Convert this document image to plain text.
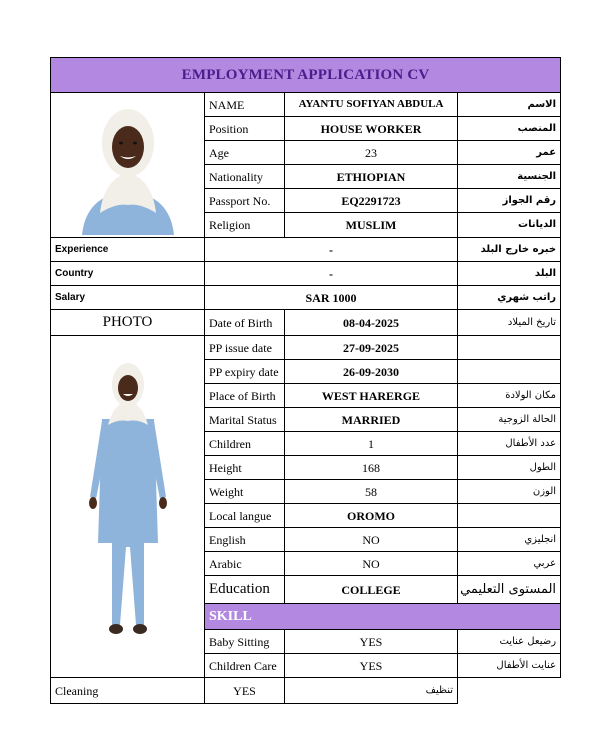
EMPLOYMENT APPLICATION CV			

	NAME	AYANTU SOFIYAN ABDULA	الاسم
	Position	HOUSE WORKER	المنصب
	Age	23	عمر
	Nationality	ETHIOPIAN	الجنسية
	Passport No.	EQ2291723	رقم الجواز
	Religion	MUSLIM	الديانات
Experience	-		خبره خارج البلد
Country	-		البلد
Salary	SAR 1000		راتب شهري
PHOTO	Date of Birth	08-04-2025	تاريخ الميلاد

	PP issue date	27-09-2025	
	PP expiry date	26-09-2030	
	Place of Birth	WEST HARERGE	مكان الولادة
	Marital Status	MARRIED	الحالة الزوجية
	Children	1	عدد الأطفال
	Height	168	الطول
	Weight	58	الوزن
	Local langue	OROMO	
	English	NO	انجليزي
	Arabic	NO	عربي
	Education	COLLEGE	المستوى التعليمي
	SKILL		
	Baby Sitting	YES	رضيعل عنايت
	Children Care	YES	عنايت الأطفال
Cleaning	YES	تنظيف	
